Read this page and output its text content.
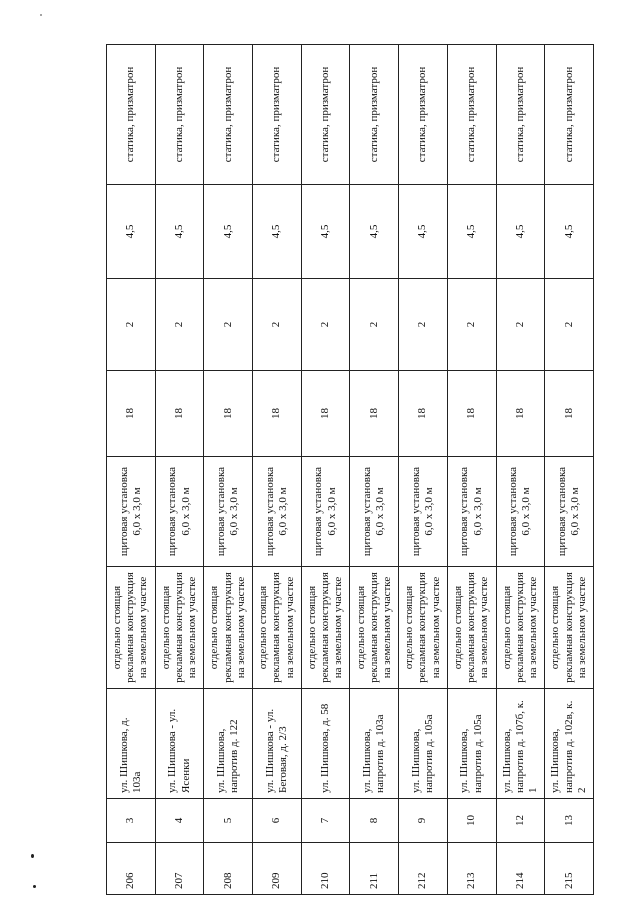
206	3	ул. Шишкова, д. 103а	отдельно стоящая рекламная конструкция на земельном участке	щитовая установка 6,0 х 3,0 м	18	2	4,5	статика, призматрон
207	4	ул. Шишкова - ул. Ясенки	отдельно стоящая рекламная конструкция на земельном участке	щитовая установка 6,0 х 3,0 м	18	2	4,5	статика, призматрон
208	5	ул. Шишкова, напротив д. 122	отдельно стоящая рекламная конструкция на земельном участке	щитовая установка 6,0 х 3,0 м	18	2	4,5	статика, призматрон
209	6	ул. Шишкова - ул. Беговая, д. 2/3	отдельно стоящая рекламная конструкция на земельном участке	щитовая установка 6,0 х 3,0 м	18	2	4,5	статика, призматрон
210	7	ул. Шишкова, д. 58	отдельно стоящая рекламная конструкция на земельном участке	щитовая установка 6,0 х 3,0 м	18	2	4,5	статика, призматрон
211	8	ул. Шишкова, напротив д. 103а	отдельно стоящая рекламная конструкция на земельном участке	щитовая установка 6,0 х 3,0 м	18	2	4,5	статика, призматрон
212	9	ул. Шишкова, напротив д. 105а	отдельно стоящая рекламная конструкция на земельном участке	щитовая установка 6,0 х 3,0 м	18	2	4,5	статика, призматрон
213	10	ул. Шишкова, напротив д. 105а	отдельно стоящая рекламная конструкция на земельном участке	щитовая установка 6,0 х 3,0 м	18	2	4,5	статика, призматрон
214	12	ул. Шишкова, напротив д. 107б, к. 1	отдельно стоящая рекламная конструкция на земельном участке	щитовая установка 6,0 х 3,0 м	18	2	4,5	статика, призматрон
215	13	ул. Шишкова, напротив д. 102в, к. 2	отдельно стоящая рекламная конструкция на земельном участке	щитовая установка 6,0 х 3,0 м	18	2	4,5	статика, призматрон
